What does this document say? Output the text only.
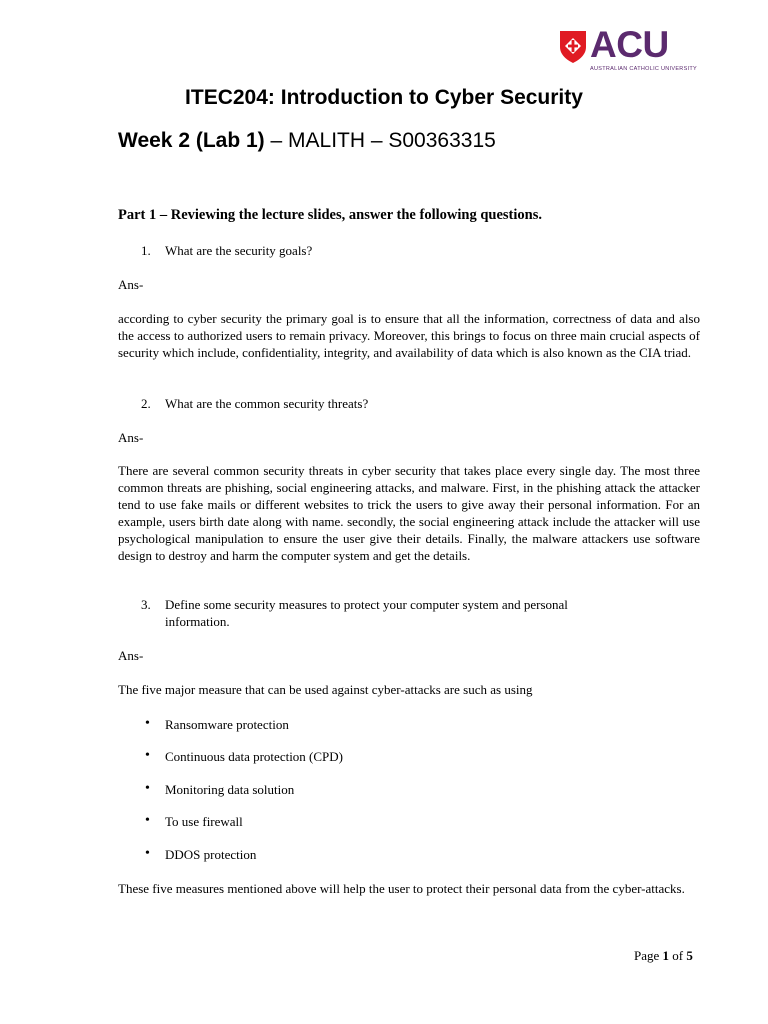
ACU
AUSTRALIAN CATHOLIC UNIVERSITY
ITEC204: Introduction to Cyber Security
Week 2 (Lab 1) – MALITH – S00363315
Part 1 – Reviewing the lecture slides, answer the following questions.
1. What are the security goals?
Ans-
according to cyber security the primary goal is to ensure that all the information, correctness of data and also the access to authorized users to remain privacy. Moreover, this brings to focus on three main crucial aspects of security which include, confidentiality, integrity, and availability of data which is also known as the CIA triad.
2. What are the common security threats?
Ans-
There are several common security threats in cyber security that takes place every single day. The most three common threats are phishing, social engineering attacks, and malware. First, in the phishing attack the attacker tend to use fake mails or different websites to trick the users to give away their personal information. For an example, users birth date along with name. secondly, the social engineering attack include the attacker will use psychological manipulation to ensure the user give their details. Finally, the malware attackers use software design to destroy and harm the computer system and get the details.
3. Define some security measures to protect your computer system and personal
information.
Ans-
The five major measure that can be used against cyber-attacks are such as using
• Ransomware protection
• Continuous data protection (CPD)
• Monitoring data solution
• To use firewall
• DDOS protection
These five measures mentioned above will help the user to protect their personal data from the cyber-attacks.
Page 1 of 5
